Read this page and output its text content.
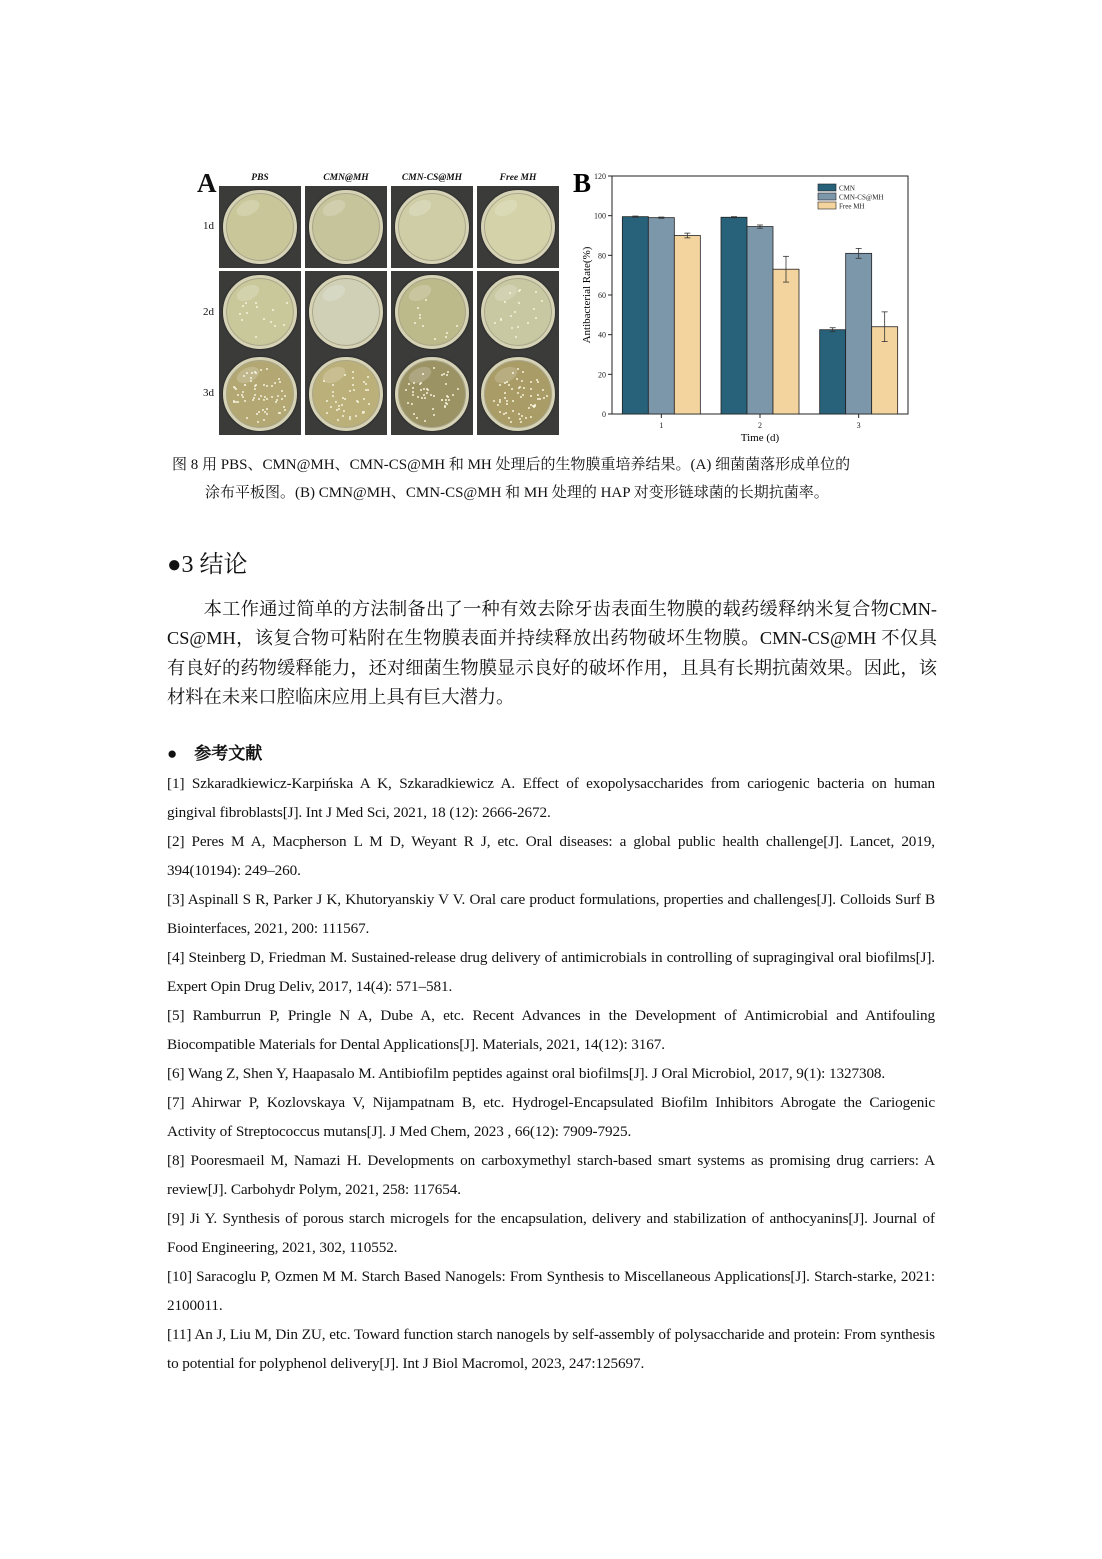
A	PBS	CMN@MH	CMN-CS@MH	Free MH
1d
2d
3d
B
0
20
40
60
80
100
120
1	2	3
CMN
CMN-CS@MH
Free MH
Antibacterial Rate(%)
Time (d)
图 8 用 PBS、CMN@MH、CMN-CS@MH 和 MH 处理后的生物膜重培养结果。(A) 细菌菌落形成单位的
涂布平板图。(B) CMN@MH、CMN-CS@MH 和 MH 处理的 HAP 对变形链球菌的长期抗菌率。
●3 结论
本工作通过简单的方法制备出了一种有效去除牙齿表面生物膜的载药缓释纳米复合物CMN-CS@MH，该复合物可粘附在生物膜表面并持续释放出药物破坏生物膜。CMN-CS@MH 不仅具有良好的药物缓释能力，还对细菌生物膜显示良好的破坏作用，且具有长期抗菌效果。因此，该材料在未来口腔临床应用上具有巨大潜力。
●　参考文献
[1] Szkaradkiewicz-Karpińska A K, Szkaradkiewicz A. Effect of exopolysaccharides from cariogenic bacteria on human gingival fibroblasts[J]. Int J Med Sci, 2021, 18 (12): 2666-2672.
[2] Peres M A, Macpherson L M D, Weyant R J, etc. Oral diseases: a global public health challenge[J]. Lancet, 2019, 394(10194): 249–260.
[3] Aspinall S R, Parker J K, Khutoryanskiy V V. Oral care product formulations, properties and challenges[J]. Colloids Surf B Biointerfaces, 2021, 200: 111567.
[4] Steinberg D, Friedman M. Sustained-release drug delivery of antimicrobials in controlling of supragingival oral biofilms[J]. Expert Opin Drug Deliv, 2017, 14(4): 571–581.
[5] Ramburrun P, Pringle N A, Dube A, etc. Recent Advances in the Development of Antimicrobial and Antifouling Biocompatible Materials for Dental Applications[J]. Materials, 2021, 14(12): 3167.
[6] Wang Z, Shen Y, Haapasalo M. Antibiofilm peptides against oral biofilms[J]. J Oral Microbiol, 2017, 9(1): 1327308.
[7] Ahirwar P, Kozlovskaya V, Nijampatnam B, etc. Hydrogel-Encapsulated Biofilm Inhibitors Abrogate the Cariogenic Activity of Streptococcus mutans[J]. J Med Chem, 2023 , 66(12): 7909-7925.
[8] Pooresmaeil M, Namazi H. Developments on carboxymethyl starch-based smart systems as promising drug carriers: A review[J]. Carbohydr Polym, 2021, 258: 117654.
[9] Ji Y. Synthesis of porous starch microgels for the encapsulation, delivery and stabilization of anthocyanins[J]. Journal of Food Engineering, 2021, 302, 110552.
[10] Saracoglu P, Ozmen M M. Starch Based Nanogels: From Synthesis to Miscellaneous Applications[J]. Starch-starke, 2021: 2100011.
[11] An J, Liu M, Din ZU, etc. Toward function starch nanogels by self-assembly of polysaccharide and protein: From synthesis to potential for polyphenol delivery[J]. Int J Biol Macromol, 2023, 247:125697.
